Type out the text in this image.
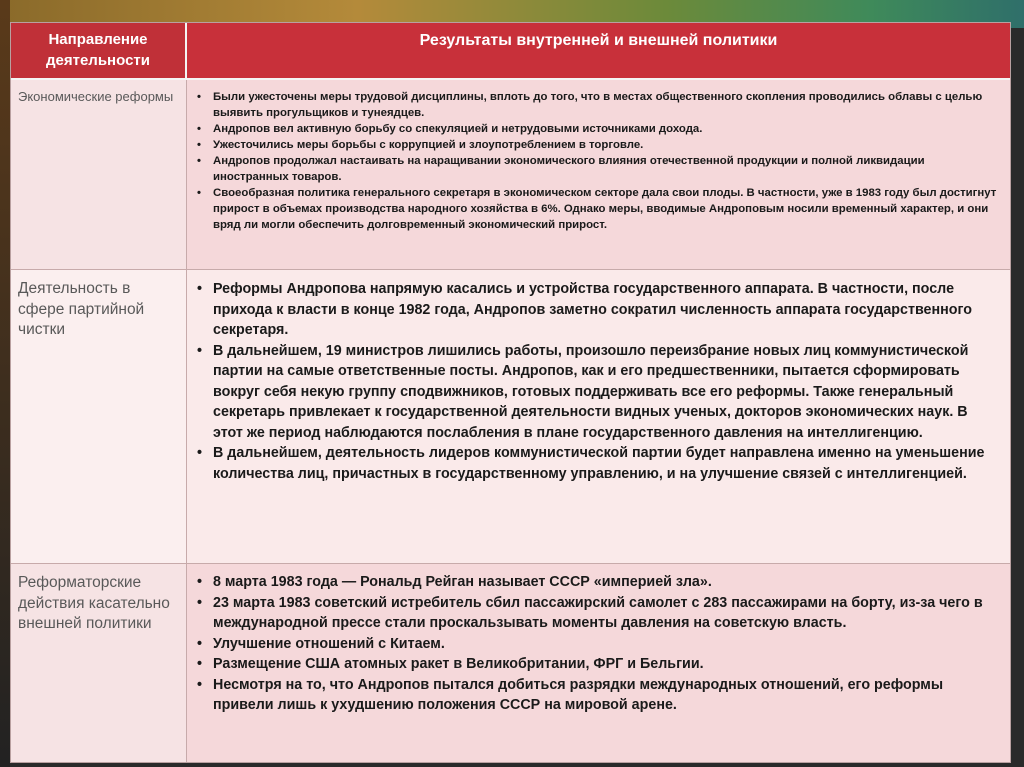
Направление деятельности
Результаты внутренней и внешней политики
Экономические реформы	• Были ужесточены меры трудовой дисциплины, вплоть до того, что в местах общественного скопления проводились облавы с целью выявить прогульщиков и тунеядцев.
• Андропов вел активную борьбу со спекуляцией и нетрудовыми источниками дохода.
• Ужесточились меры борьбы с коррупцией и злоупотреблением в торговле.
• Андропов продолжал настаивать на наращивании экономического влияния отечественной продукции и полной ликвидации иностранных товаров.
• Своеобразная политика генерального секретаря в экономическом секторе дала свои плоды. В частности, уже в 1983 году был достигнут прирост в объемах производства народного хозяйства в 6%. Однако меры, вводимые Андроповым носили временный характер, и они вряд ли могли обеспечить долговременный экономический прирост.
Деятельность в сфере партийной чистки
• Реформы Андропова напрямую касались и устройства государственного аппарата. В частности, после прихода к власти в конце 1982 года, Андропов заметно сократил численность аппарата государственного секретаря.
• В дальнейшем, 19 министров лишились работы, произошло переизбрание новых лиц коммунистической партии на самые ответственные посты. Андропов, как и его предшественники, пытается сформировать вокруг себя некую группу сподвижников, готовых поддерживать все его реформы. Также генеральный секретарь привлекает к государственной деятельности видных ученых, докторов экономических наук. В этот же период наблюдаются послабления в плане государственного давления на интеллигенцию.
• В дальнейшем, деятельность лидеров коммунистической партии будет направлена именно на уменьшение количества лиц, причастных в государственному управлению, и на улучшение связей с интеллигенцией.
Реформаторские действия касательно внешней политики
• 8 марта 1983 года — Рональд Рейган называет СССР «империей зла».
• 23 марта 1983 советский истребитель сбил пассажирский самолет с 283 пассажирами на борту, из-за чего в международной прессе стали проскальзывать моменты давления на советскую власть.
• Улучшение отношений с Китаем.
• Размещение США атомных ракет в Великобритании, ФРГ и Бельгии.
• Несмотря на то, что Андропов пытался добиться разрядки международных отношений, его реформы привели лишь к ухудшению положения СССР на мировой арене.
